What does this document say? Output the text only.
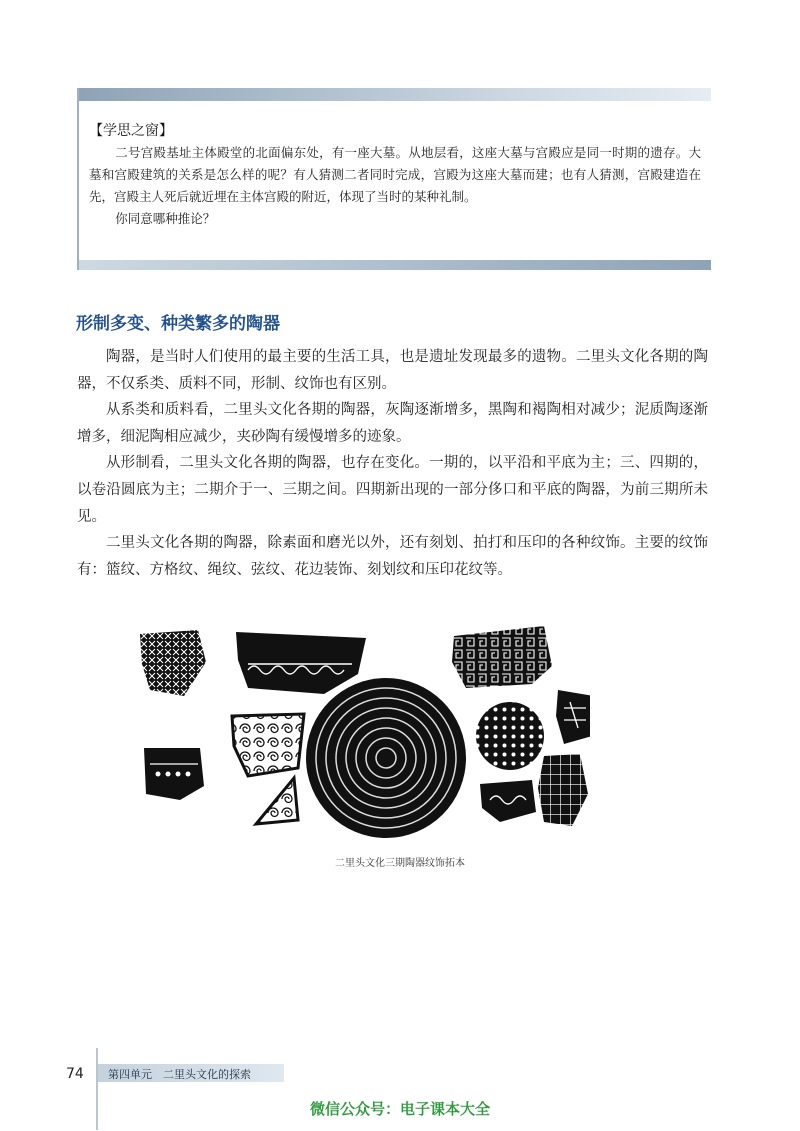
【学思之窗】

二号宫殿基址主体殿堂的北面偏东处，有一座大墓。从地层看，这座大墓与宫殿应是同一时期的遗存。大墓和宫殿建筑的关系是怎么样的呢？有人猜测二者同时完成，宫殿为这座大墓而建；也有人猜测，宫殿建造在先，宫殿主人死后就近埋在主体宫殿的附近，体现了当时的某种礼制。

你同意哪种推论？

形制多变、种类繁多的陶器

陶器，是当时人们使用的最主要的生活工具，也是遗址发现最多的遗物。二里头文化各期的陶器，不仅系类、质料不同，形制、纹饰也有区别。

从系类和质料看，二里头文化各期的陶器，灰陶逐渐增多，黑陶和褐陶相对减少；泥质陶逐渐增多，细泥陶相应减少，夹砂陶有缓慢增多的迹象。

从形制看，二里头文化各期的陶器，也存在变化。一期的，以平沿和平底为主；三、四期的，以卷沿圆底为主；二期介于一、三期之间。四期新出现的一部分侈口和平底的陶器，为前三期所未见。

二里头文化各期的陶器，除素面和磨光以外，还有刻划、拍打和压印的各种纹饰。主要的纹饰有：篮纹、方格纹、绳纹、弦纹、花边装饰、刻划纹和压印花纹等。

二里头文化三期陶器纹饰拓本
74 第四单元　二里头文化的探索
微信公众号：电子课本大全
